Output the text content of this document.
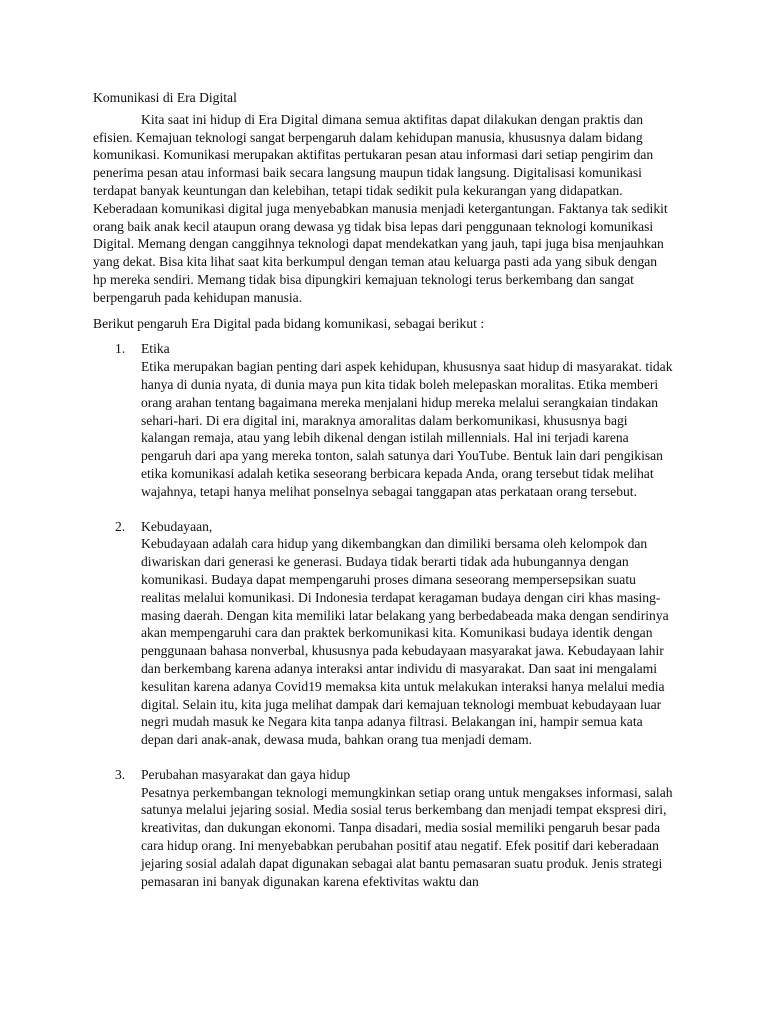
Komunikasi di Era Digital

Kita saat ini hidup di Era Digital dimana semua aktifitas dapat dilakukan dengan praktis dan efisien. Kemajuan teknologi sangat berpengaruh dalam kehidupan manusia, khususnya dalam bidang komunikasi. Komunikasi merupakan aktifitas pertukaran pesan atau informasi dari setiap pengirim dan penerima pesan atau informasi baik secara langsung maupun tidak langsung. Digitalisasi komunikasi terdapat banyak keuntungan dan kelebihan, tetapi tidak sedikit pula kekurangan yang didapatkan. Keberadaan komunikasi digital juga menyebabkan manusia menjadi ketergantungan. Faktanya tak sedikit orang baik anak kecil ataupun orang dewasa yg tidak bisa lepas dari penggunaan teknologi komunikasi Digital. Memang dengan canggihnya teknologi dapat mendekatkan yang jauh, tapi juga bisa menjauhkan yang dekat. Bisa kita lihat saat kita berkumpul dengan teman atau keluarga pasti ada yang sibuk dengan hp mereka sendiri. Memang tidak bisa dipungkiri kemajuan teknologi terus berkembang dan sangat berpengaruh pada kehidupan manusia.

Berikut pengaruh Era Digital pada bidang komunikasi, sebagai berikut :

1. Etika
Etika merupakan bagian penting dari aspek kehidupan, khususnya saat hidup di masyarakat. tidak hanya di dunia nyata, di dunia maya pun kita tidak boleh melepaskan moralitas. Etika memberi orang arahan tentang bagaimana mereka menjalani hidup mereka melalui serangkaian tindakan sehari-hari. Di era digital ini, maraknya amoralitas dalam berkomunikasi, khususnya bagi kalangan remaja, atau yang lebih dikenal dengan istilah millennials. Hal ini terjadi karena pengaruh dari apa yang mereka tonton, salah satunya dari YouTube. Bentuk lain dari pengikisan etika komunikasi adalah ketika seseorang berbicara kepada Anda, orang tersebut tidak melihat wajahnya, tetapi hanya melihat ponselnya sebagai tanggapan atas perkataan orang tersebut.
2. Kebudayaan,
Kebudayaan adalah cara hidup yang dikembangkan dan dimiliki bersama oleh kelompok dan diwariskan dari generasi ke generasi. Budaya tidak berarti tidak ada hubungannya dengan komunikasi. Budaya dapat mempengaruhi proses dimana seseorang mempersepsikan suatu realitas melalui komunikasi. Di Indonesia terdapat keragaman budaya dengan ciri khas masing-masing daerah. Dengan kita memiliki latar belakang yang berbedabeada maka dengan sendirinya akan mempengaruhi cara dan praktek berkomunikasi kita. Komunikasi budaya identik dengan penggunaan bahasa nonverbal, khususnya pada kebudayaan masyarakat jawa. Kebudayaan lahir dan berkembang karena adanya interaksi antar individu di masyarakat. Dan saat ini mengalami kesulitan karena adanya Covid19 memaksa kita untuk melakukan interaksi hanya melalui media digital. Selain itu, kita juga melihat dampak dari kemajuan teknologi membuat kebudayaan luar negri mudah masuk ke Negara kita tanpa adanya filtrasi. Belakangan ini, hampir semua kata depan dari anak-anak, dewasa muda, bahkan orang tua menjadi demam.
3. Perubahan masyarakat dan gaya hidup
Pesatnya perkembangan teknologi memungkinkan setiap orang untuk mengakses informasi, salah satunya melalui jejaring sosial. Media sosial terus berkembang dan menjadi tempat ekspresi diri, kreativitas, dan dukungan ekonomi. Tanpa disadari, media sosial memiliki pengaruh besar pada cara hidup orang. Ini menyebabkan perubahan positif atau negatif. Efek positif dari keberadaan jejaring sosial adalah dapat digunakan sebagai alat bantu pemasaran suatu produk. Jenis strategi pemasaran ini banyak digunakan karena efektivitas waktu dan
